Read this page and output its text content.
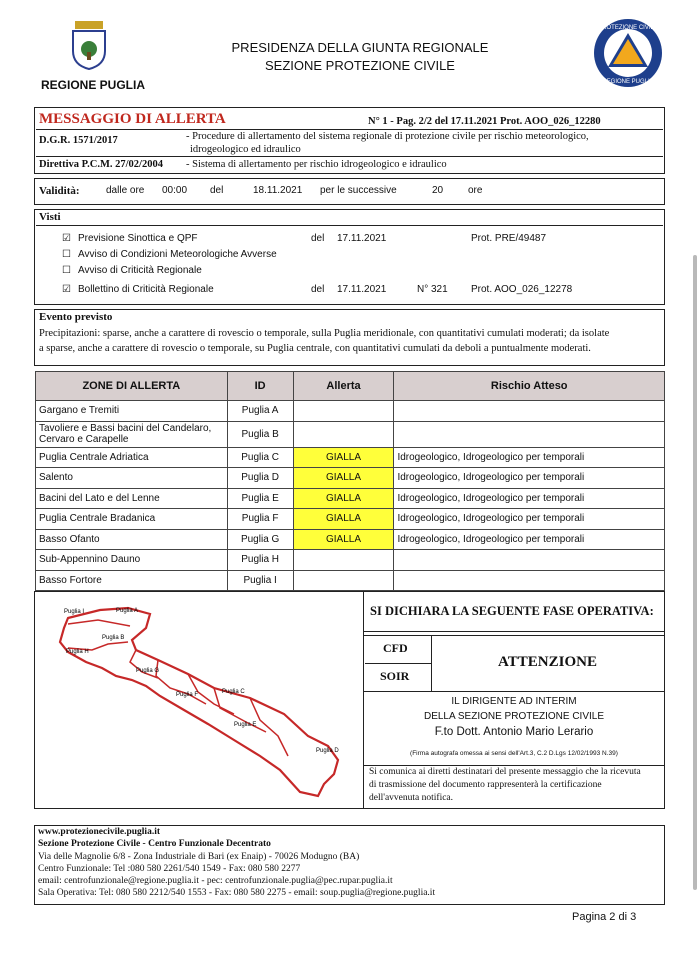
REGIONE PUGLIA
PRESIDENZA DELLA GIUNTA REGIONALE
SEZIONE PROTEZIONE CIVILE
PROTEZIONE CIVILE
REGIONE PUGLIA
MESSAGGIO DI ALLERTA	N° 1 - Pag. 2/2 del 17.11.2021 Prot. AOO_026_12280
D.G.R. 1571/2017	- Procedure di allertamento del sistema regionale di protezione civile per rischio meteorologico,
idrogeologico ed idraulico
Direttiva P.C.M. 27/02/2004 - Sistema di allertamento per rischio idrogeologico e idraulico
Validità:	dalle ore 00:00 del	18.11.2021 per le successive	20 ore
Visti
☑ Previsione Sinottica e QPF	del 17.11.2021	Prot. PRE/49487
☐ Avviso di Condizioni Meteorologiche Avverse
☐ Avviso di Criticità Regionale
☑ Bollettino di Criticità Regionale	del 17.11.2021	N° 321 Prot. AOO_026_12278
Evento previsto
Precipitazioni: sparse, anche a carattere di rovescio o temporale, sulla Puglia meridionale, con quantitativi cumulati moderati; da isolate
a sparse, anche a carattere di rovescio o temporale, su Puglia centrale, con quantitativi cumulati da deboli a puntualmente moderati.
ZONE DI ALLERTA	ID	Allerta	Rischio Atteso
Gargano e Tremiti	Puglia A		
Tavoliere e Bassi bacini del Candelaro, Cervaro e Carapelle	Puglia B		
Puglia Centrale Adriatica	Puglia C	GIALLA	Idrogeologico, Idrogeologico per temporali
Salento	Puglia D	GIALLA	Idrogeologico, Idrogeologico per temporali
Bacini del Lato e del Lenne	Puglia E	GIALLA	Idrogeologico, Idrogeologico per temporali
Puglia Centrale Bradanica	Puglia F	GIALLA	Idrogeologico, Idrogeologico per temporali
Basso Ofanto	Puglia G	GIALLA	Idrogeologico, Idrogeologico per temporali
Sub-Appennino Dauno	Puglia H		
Basso Fortore	Puglia I		
Puglia I	Puglia A
Puglia B
Puglia H
Puglia G
Puglia F	Puglia C
Puglia E
Puglia D
SI DICHIARA LA SEGUENTE FASE OPERATIVA:
CFD
SOIR
ATTENZIONE
IL DIRIGENTE AD INTERIM
DELLA SEZIONE PROTEZIONE CIVILE
F.to Dott. Antonio Mario Lerario
(Firma autografa omessa ai sensi dell'Art.3, C.2 D.Lgs 12/02/1993 N.39)
Si comunica ai diretti destinatari del presente messaggio che la ricevuta
di trasmissione del documento rappresenterà la certificazione
dell'avvenuta notifica.
www.protezionecivile.puglia.it
Sezione Protezione Civile - Centro Funzionale Decentrato
Via delle Magnolie 6/8 - Zona Industriale di Bari (ex Enaip) - 70026 Modugno (BA)
Centro Funzionale: Tel :080 580 2261/540 1549 - Fax: 080 580 2277
email: centrofunzionale@regione.puglia.it - pec: centrofunzionale.puglia@pec.rupar.puglia.it
Sala Operativa: Tel: 080 580 2212/540 1553 - Fax: 080 580 2275 - email: soup.puglia@regione.puglia.it
Pagina 2 di 3
